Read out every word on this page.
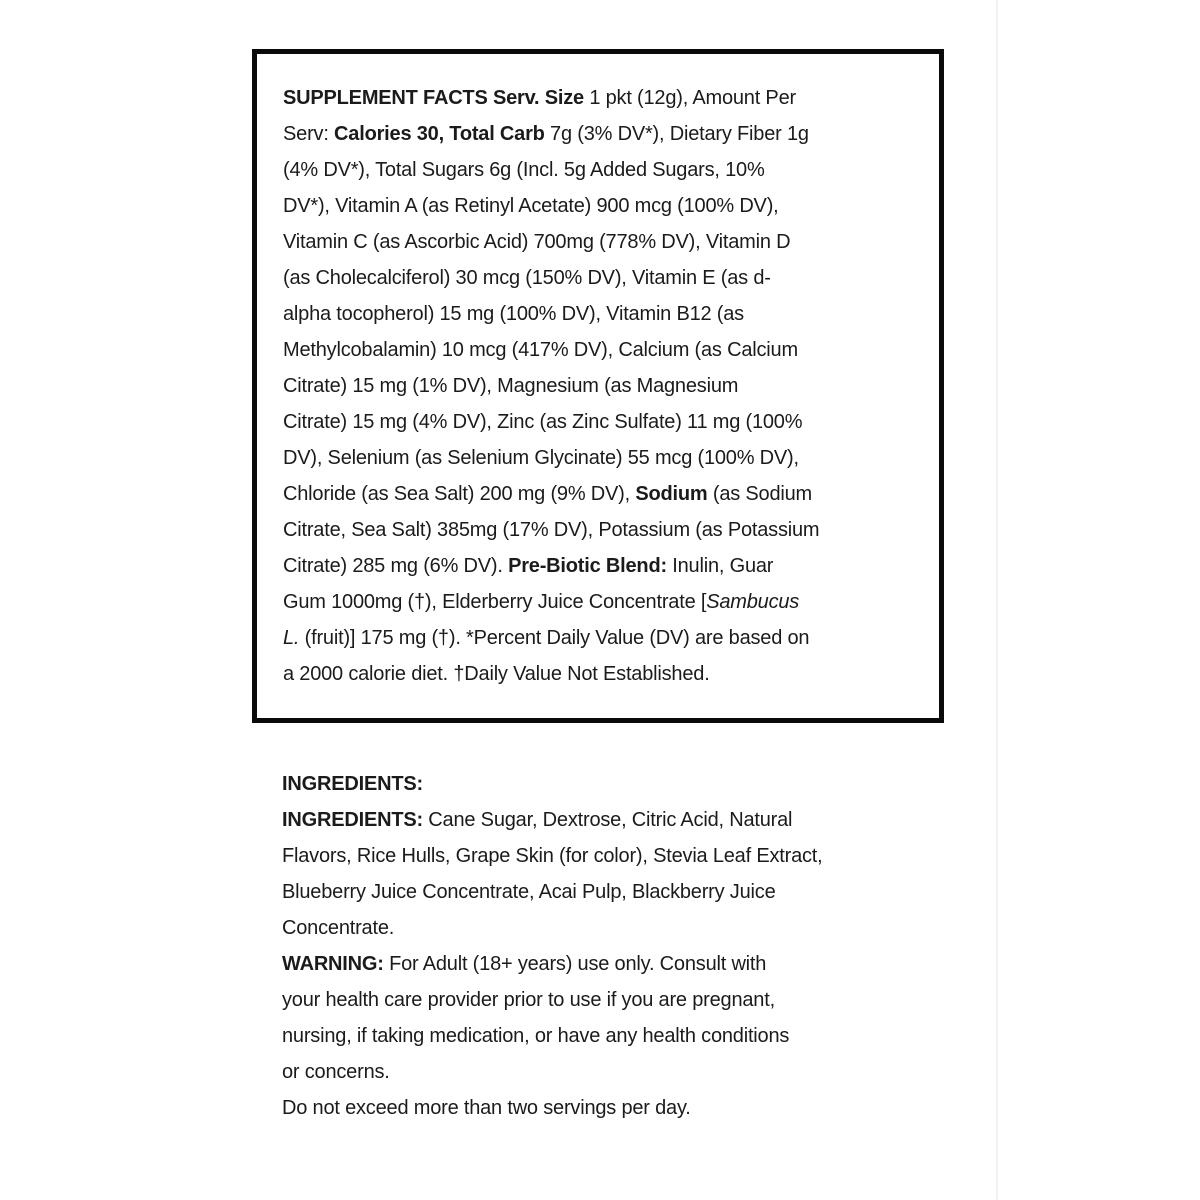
SUPPLEMENT FACTS Serv. Size 1 pkt (12g), Amount Per
Serv: Calories 30, Total Carb 7g (3% DV*), Dietary Fiber 1g
(4% DV*), Total Sugars 6g (Incl. 5g Added Sugars, 10%
DV*), Vitamin A (as Retinyl Acetate) 900 mcg (100% DV),
Vitamin C (as Ascorbic Acid) 700mg (778% DV), Vitamin D
(as Cholecalciferol) 30 mcg (150% DV), Vitamin E (as d-
alpha tocopherol) 15 mg (100% DV), Vitamin B12 (as
Methylcobalamin) 10 mcg (417% DV), Calcium (as Calcium
Citrate) 15 mg (1% DV), Magnesium (as Magnesium
Citrate) 15 mg (4% DV), Zinc (as Zinc Sulfate) 11 mg (100%
DV), Selenium (as Selenium Glycinate) 55 mcg (100% DV),
Chloride (as Sea Salt) 200 mg (9% DV), Sodium (as Sodium
Citrate, Sea Salt) 385mg (17% DV), Potassium (as Potassium
Citrate) 285 mg (6% DV). Pre-Biotic Blend: Inulin, Guar
Gum 1000mg (†), Elderberry Juice Concentrate [Sambucus
L. (fruit)] 175 mg (†). *Percent Daily Value (DV) are based on
a 2000 calorie diet. †Daily Value Not Established.
INGREDIENTS:
INGREDIENTS: Cane Sugar, Dextrose, Citric Acid, Natural
Flavors, Rice Hulls, Grape Skin (for color), Stevia Leaf Extract,
Blueberry Juice Concentrate, Acai Pulp, Blackberry Juice
Concentrate.
WARNING: For Adult (18+ years) use only. Consult with
your health care provider prior to use if you are pregnant,
nursing, if taking medication, or have any health conditions
or concerns.
Do not exceed more than two servings per day.
